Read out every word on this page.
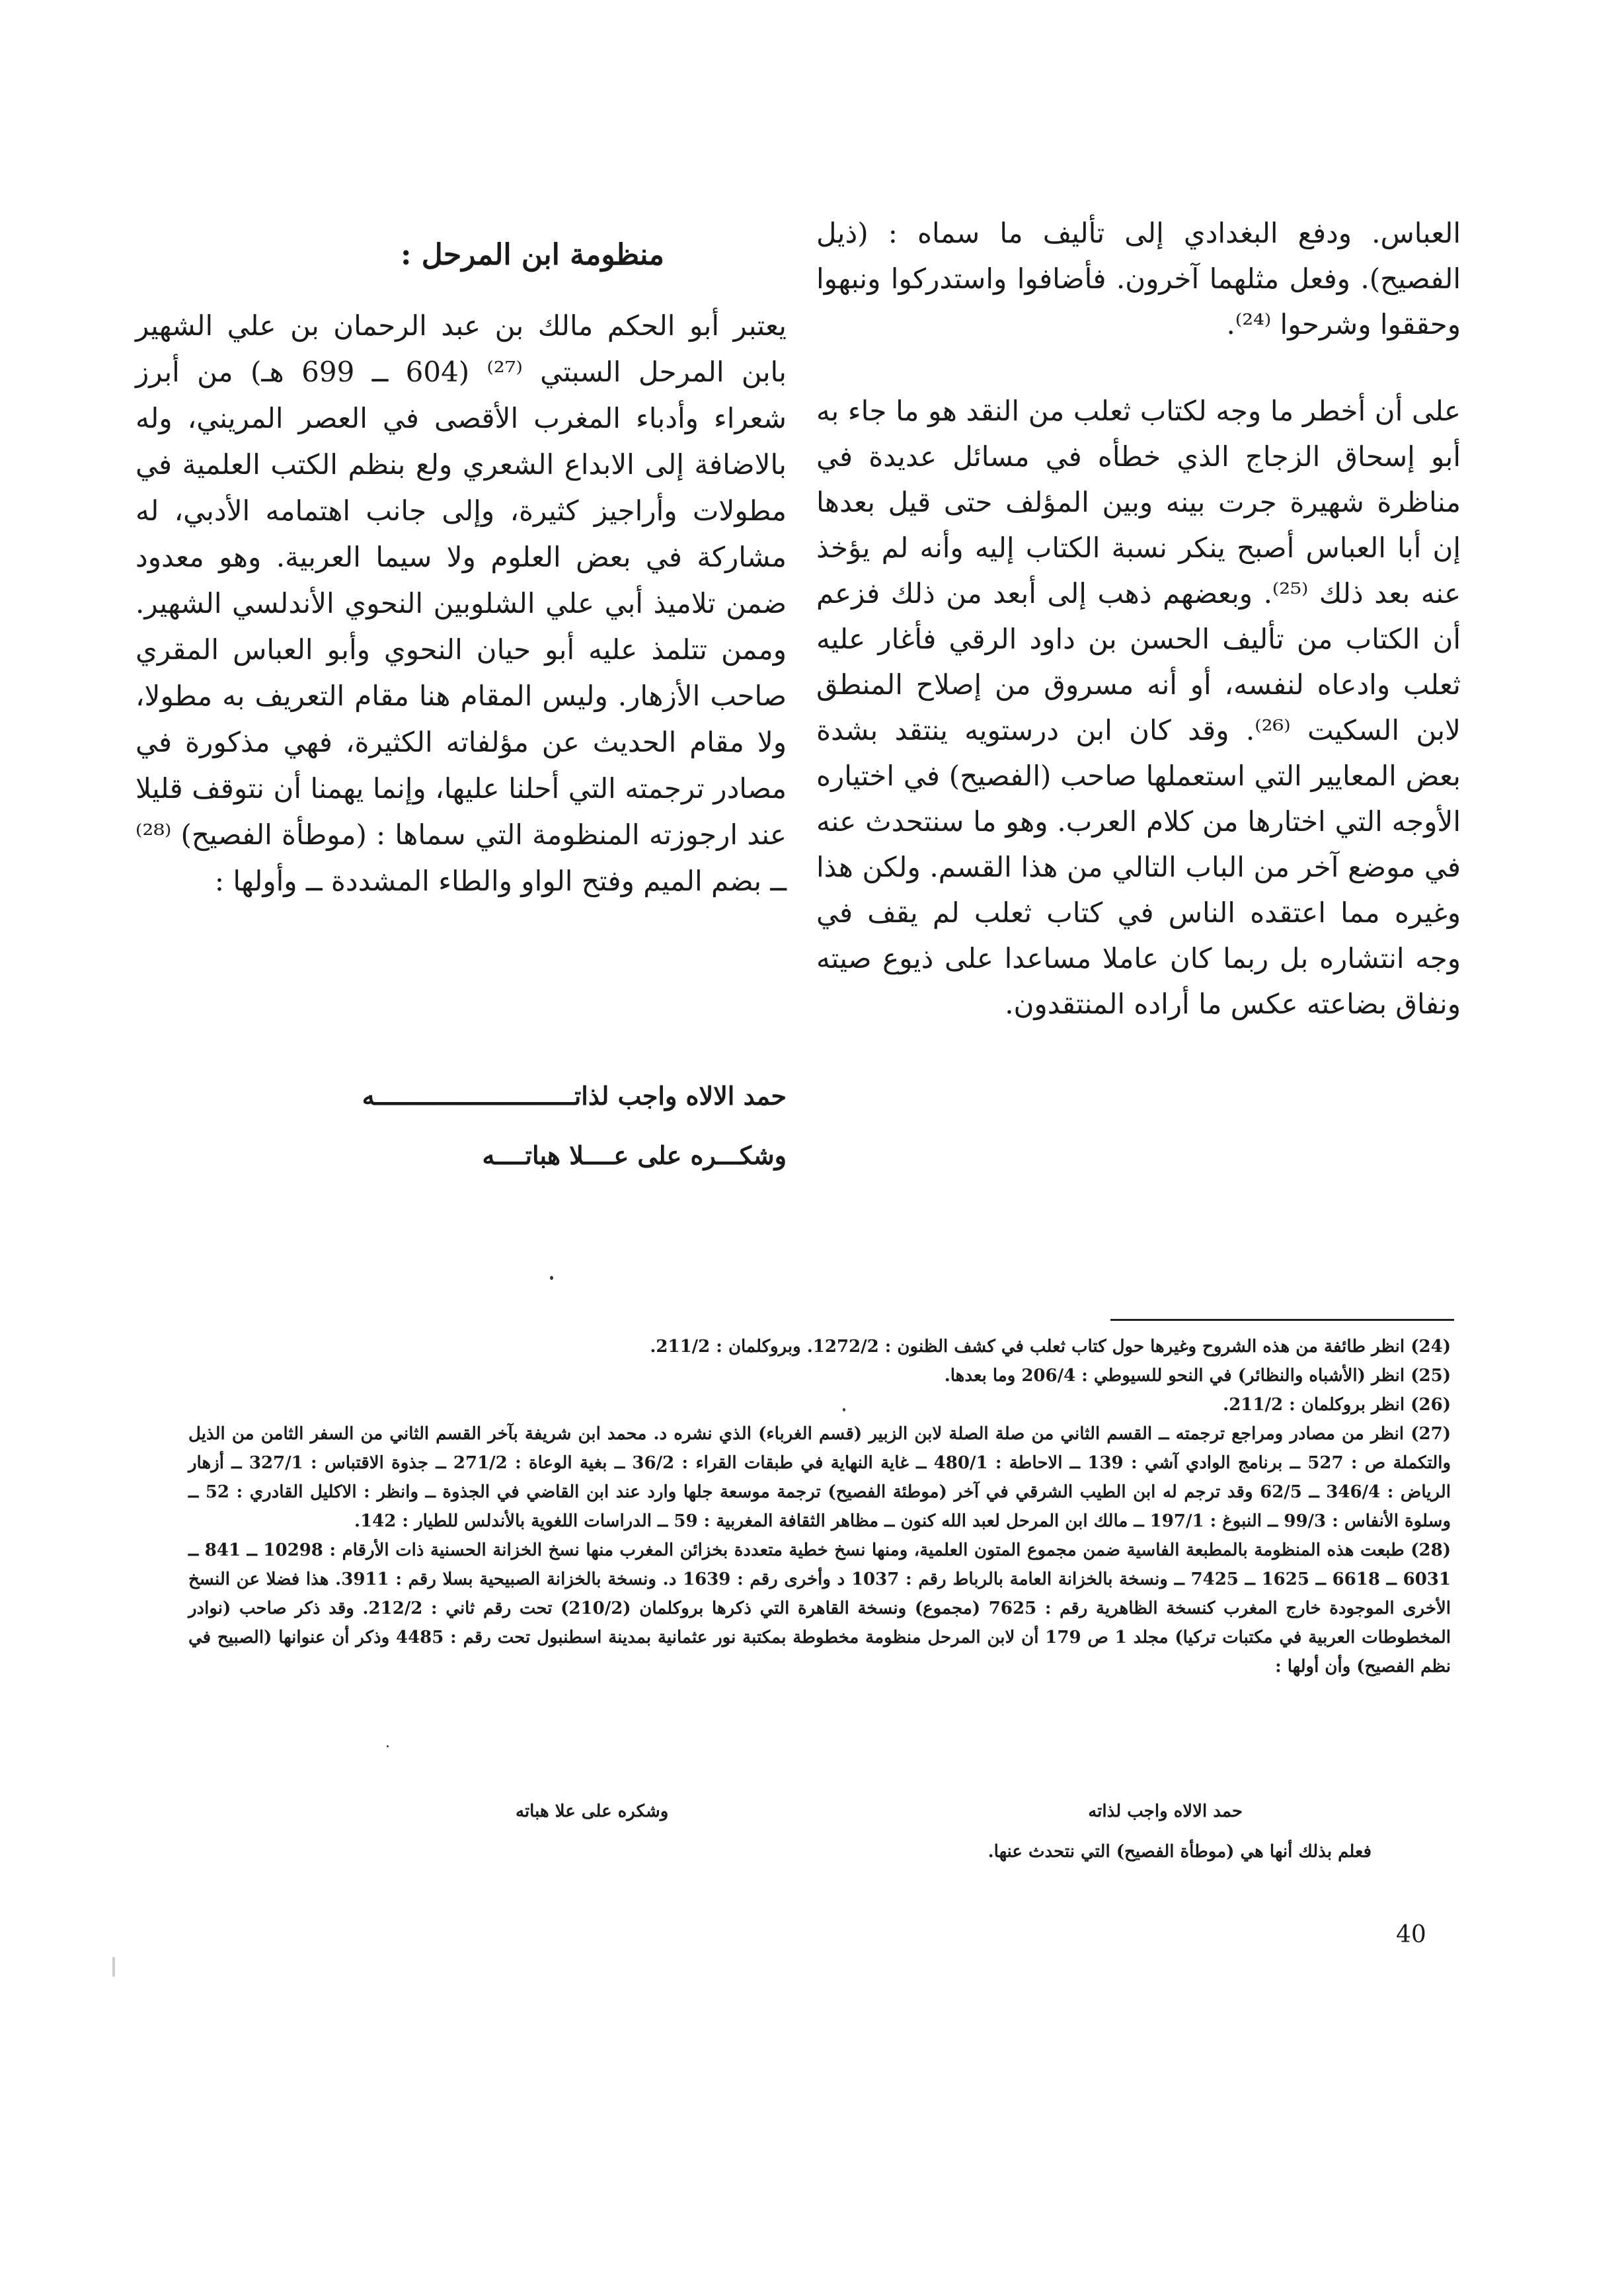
العباس. ودفع البغدادي إلى تأليف ما سماه : (ذيل الفصيح). وفعل مثلهما آخرون. فأضافوا واستدركوا ونبهوا وحققوا وشرحوا ⁽²⁴⁾.

على أن أخطر ما وجه لكتاب ثعلب من النقد هو ما جاء به أبو إسحاق الزجاج الذي خطأه في مسائل عديدة في مناظرة شهيرة جرت بينه وبين المؤلف حتى قيل بعدها إن أبا العباس أصبح ينكر نسبة الكتاب إليه وأنه لم يؤخذ عنه بعد ذلك ⁽²⁵⁾. وبعضهم ذهب إلى أبعد من ذلك فزعم أن الكتاب من تأليف الحسن بن داود الرقي فأغار عليه ثعلب وادعاه لنفسه، أو أنه مسروق من إصلاح المنطق لابن السكيت ⁽²⁶⁾. وقد كان ابن درستويه ينتقد بشدة بعض المعايير التي استعملها صاحب (الفصيح) في اختياره الأوجه التي اختارها من كلام العرب. وهو ما سنتحدث عنه في موضع آخر من الباب التالي من هذا القسم. ولكن هذا وغيره مما اعتقده الناس في كتاب ثعلب لم يقف في وجه انتشاره بل ربما كان عاملا مساعدا على ذيوع صيته ونفاق بضاعته عكس ما أراده المنتقدون.

منظومة ابن المرحل :

يعتبر أبو الحكم مالك بن عبد الرحمان بن علي الشهير بابن المرحل السبتي ⁽²⁷⁾ (604 ــ 699 هـ) من أبرز شعراء وأدباء المغرب الأقصى في العصر المريني، وله بالاضافة إلى الابداع الشعري ولع بنظم الكتب العلمية في مطولات وأراجيز كثيرة، وإلى جانب اهتمامه الأدبي، له مشاركة في بعض العلوم ولا سيما العربية. وهو معدود ضمن تلاميذ أبي علي الشلوبين النحوي الأندلسي الشهير. وممن تتلمذ عليه أبو حيان النحوي وأبو العباس المقري صاحب الأزهار. وليس المقام هنا مقام التعريف به مطولا، ولا مقام الحديث عن مؤلفاته الكثيرة، فهي مذكورة في مصادر ترجمته التي أحلنا عليها، وإنما يهمنا أن نتوقف قليلا عند ارجوزته المنظومة التي سماها : (موطأة الفصيح) ⁽²⁸⁾ ــ بضم الميم وفتح الواو والطاء المشددة ــ وأولها :

حمد الالاه واجب لذاتـــــــــــــــــــــــــــه
وشكـــره على عــــلا هباتــــه

(24) انظر طائفة من هذه الشروح وغيرها حول كتاب ثعلب في كشف الظنون : 1272/2. وبروكلمان : 211/2.

(25) انظر (الأشباه والنظائر) في النحو للسيوطي : 206/4 وما بعدها.

(26) انظر بروكلمان : 211/2.

(27) انظر من مصادر ومراجع ترجمته ــ القسم الثاني من صلة الصلة لابن الزبير (قسم الغرباء) الذي نشره د. محمد ابن شريفة بآخر القسم الثاني من السفر الثامن من الذيل والتكملة ص : 527 ــ برنامج الوادي آشي : 139 ــ الاحاطة : 480/1 ــ غاية النهاية في طبقات القراء : 36/2 ــ بغية الوعاة : 271/2 ــ جذوة الاقتباس : 327/1 ــ أزهار الرياض : 346/4 ــ 62/5 وقد ترجم له ابن الطيب الشرقي في آخر (موطئة الفصيح) ترجمة موسعة جلها وارد عند ابن القاضي في الجذوة ــ وانظر : الاكليل القادري : 52 ــ وسلوة الأنفاس : 99/3 ــ النبوغ : 197/1 ــ مالك ابن المرحل لعبد الله كنون ــ مظاهر الثقافة المغربية : 59 ــ الدراسات اللغوية بالأندلس للطيار : 142.

(28) طبعت هذه المنظومة بالمطبعة الفاسية ضمن مجموع المتون العلمية، ومنها نسخ خطية متعددة بخزائن المغرب منها نسخ الخزانة الحسنية ذات الأرقام : 10298 ــ 841 ــ 6031 ــ 6618 ــ 1625 ــ 7425 ــ ونسخة بالخزانة العامة بالرباط رقم : 1037 د وأخرى رقم : 1639 د. ونسخة بالخزانة الصبيحية بسلا رقم : 3911. هذا فضلا عن النسخ الأخرى الموجودة خارج المغرب كنسخة الظاهرية رقم : 7625 (مجموع) ونسخة القاهرة التي ذكرها بروكلمان (210/2) تحت رقم ثاني : 212/2. وقد ذكر صاحب (نوادر المخطوطات العربية في مكتبات تركيا) مجلد 1 ص 179 أن لابن المرحل منظومة مخطوطة بمكتبة نور عثمانية بمدينة اسطنبول تحت رقم : 4485 وذكر أن عنوانها (الصبيح في نظم الفصيح) وأن أولها :

حمد الالاه واجب لذاته
وشكره على علا هباته
فعلم بذلك أنها هي (موطأة الفصيح) التي نتحدث عنها.
40
